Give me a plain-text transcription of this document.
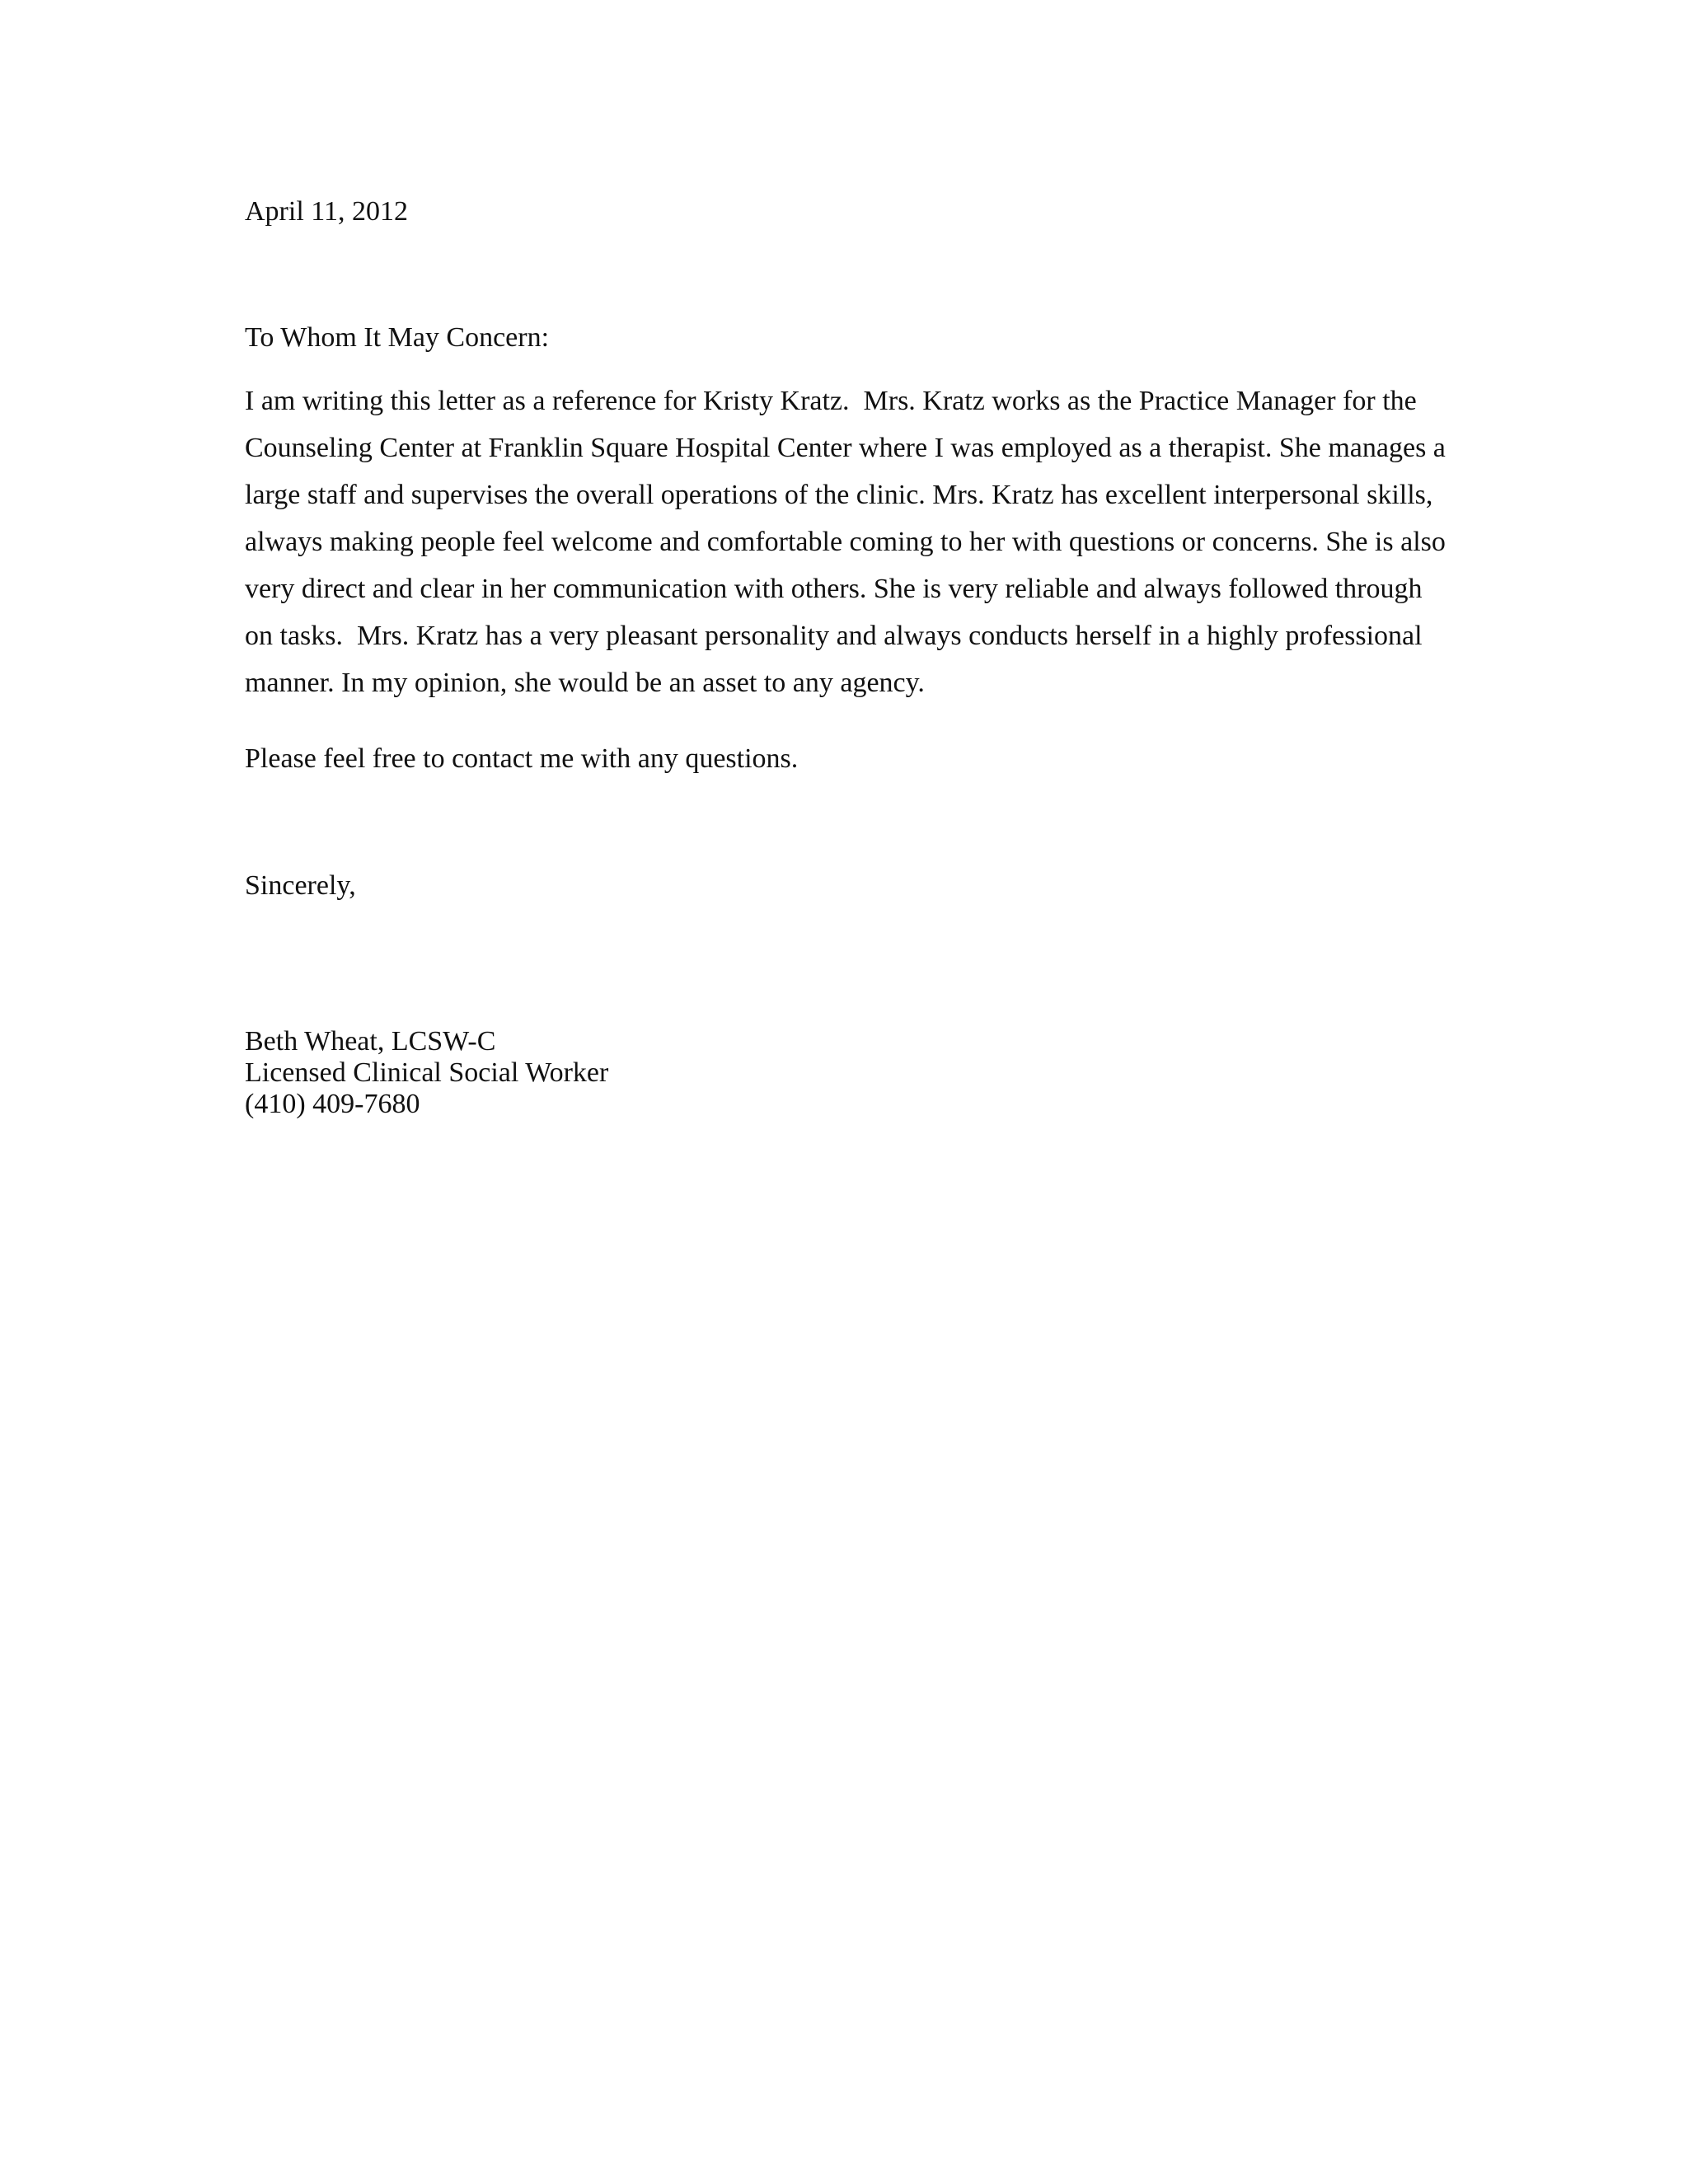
April 11, 2012
To Whom It May Concern:
I am writing this letter as a reference for Kristy Kratz.  Mrs. Kratz works as the Practice Manager for the
Counseling Center at Franklin Square Hospital Center where I was employed as a therapist. She manages a
large staff and supervises the overall operations of the clinic. Mrs. Kratz has excellent interpersonal skills,
always making people feel welcome and comfortable coming to her with questions or concerns. She is also
very direct and clear in her communication with others. She is very reliable and always followed through
on tasks.  Mrs. Kratz has a very pleasant personality and always conducts herself in a highly professional
manner. In my opinion, she would be an asset to any agency.
Please feel free to contact me with any questions.
Sincerely,
Beth Wheat, LCSW-C
Licensed Clinical Social Worker
(410) 409-7680
